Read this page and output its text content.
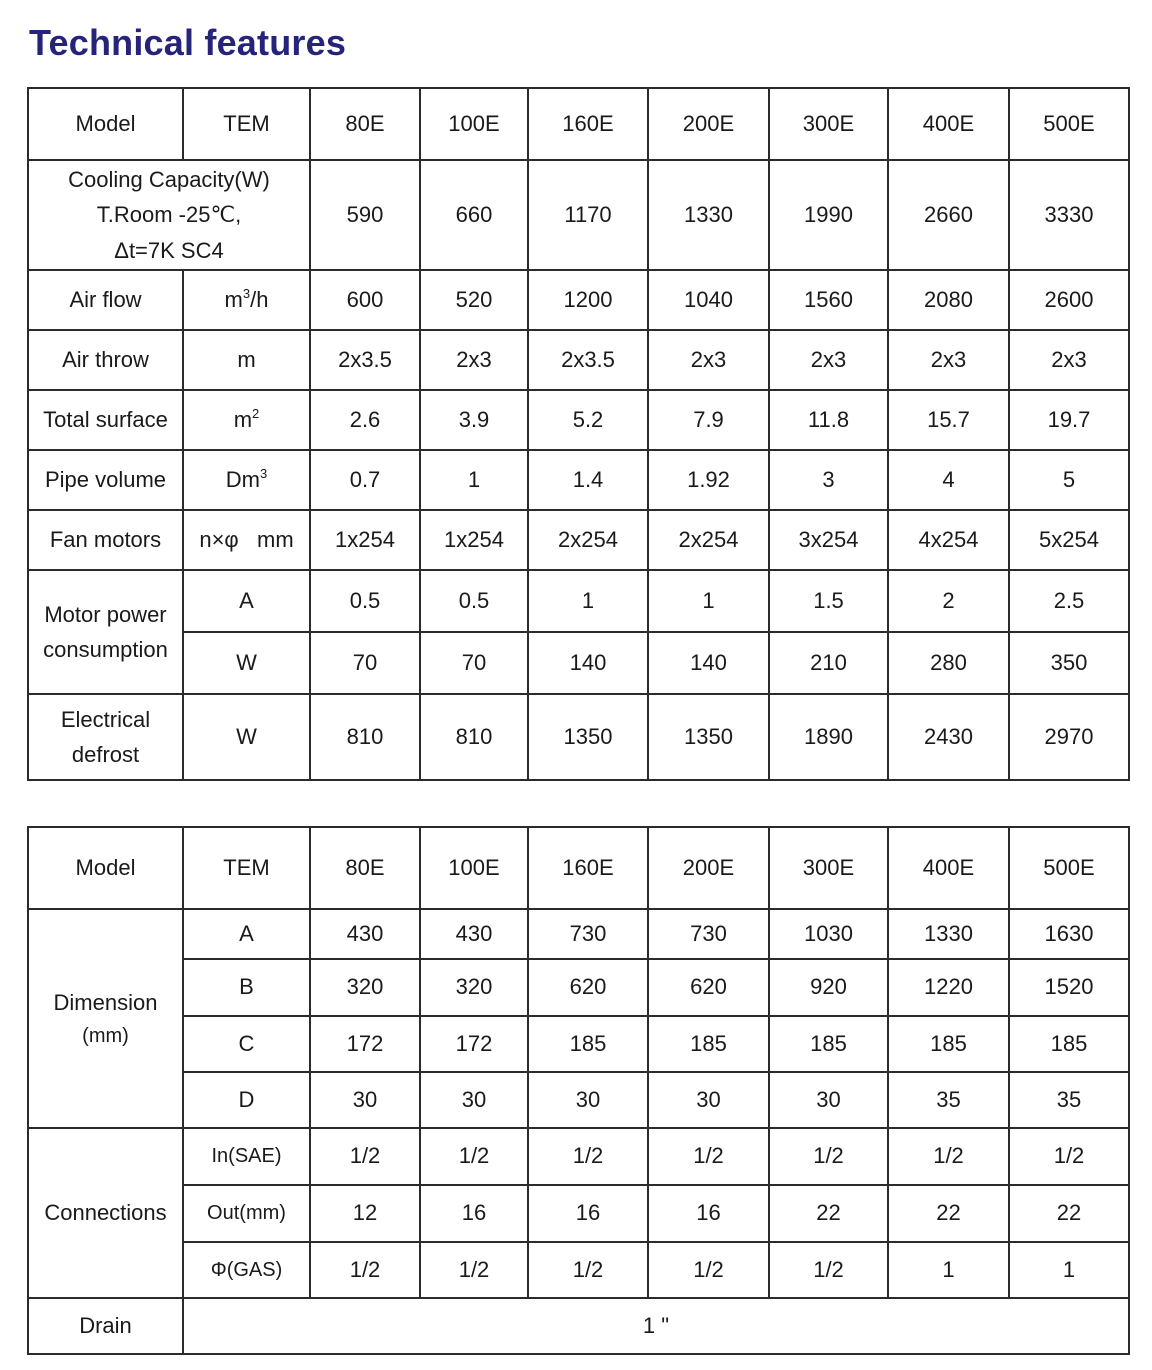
Technical features
Model	TEM	80E	100E	160E	200E	300E	400E	500E

Cooling Capacity(W)
T.Room -25℃,
Δt=7K SC4		590	660	1170	1330	1990	2660	3330
Air flow	$m^3/h$	600	520	1200	1040	1560	2080	2600
Air throw	m	2x3.5	2x3	2x3.5	2x3	2x3	2x3	2x3
Total surface	$m^2$	2.6	3.9	5.2	7.9	11.8	15.7	19.7
Pipe volume	Dm$^3$	0.7	1	1.4	1.92	3	4	5
Fan motors	n×φ   mm	1x254	1x254	2x254	2x254	3x254	4x254	5x254

Motor power
consumption	A	0.5	0.5	1	1	1.5	2	2.5
	W	70	70	140	140	210	280	350

Electrical
defrost	W	810	810	1350	1350	1890	2430	2970
Model	TEM	80E	100E	160E	200E	300E	400E	500E

Dimension
(mm)	A	430	430	730	730	1030	1330	1630
	B	320	320	620	620	920	1220	1520
	C	172	172	185	185	185	185	185
	D	30	30	30	30	30	35	35
Connections	In(SAE)	1/2	1/2	1/2	1/2	1/2	1/2	1/2
	Out(mm)	12	16	16	16	22	22	22
	Φ(GAS)	1/2	1/2	1/2	1/2	1/2	1	1
Drain	1 "							
